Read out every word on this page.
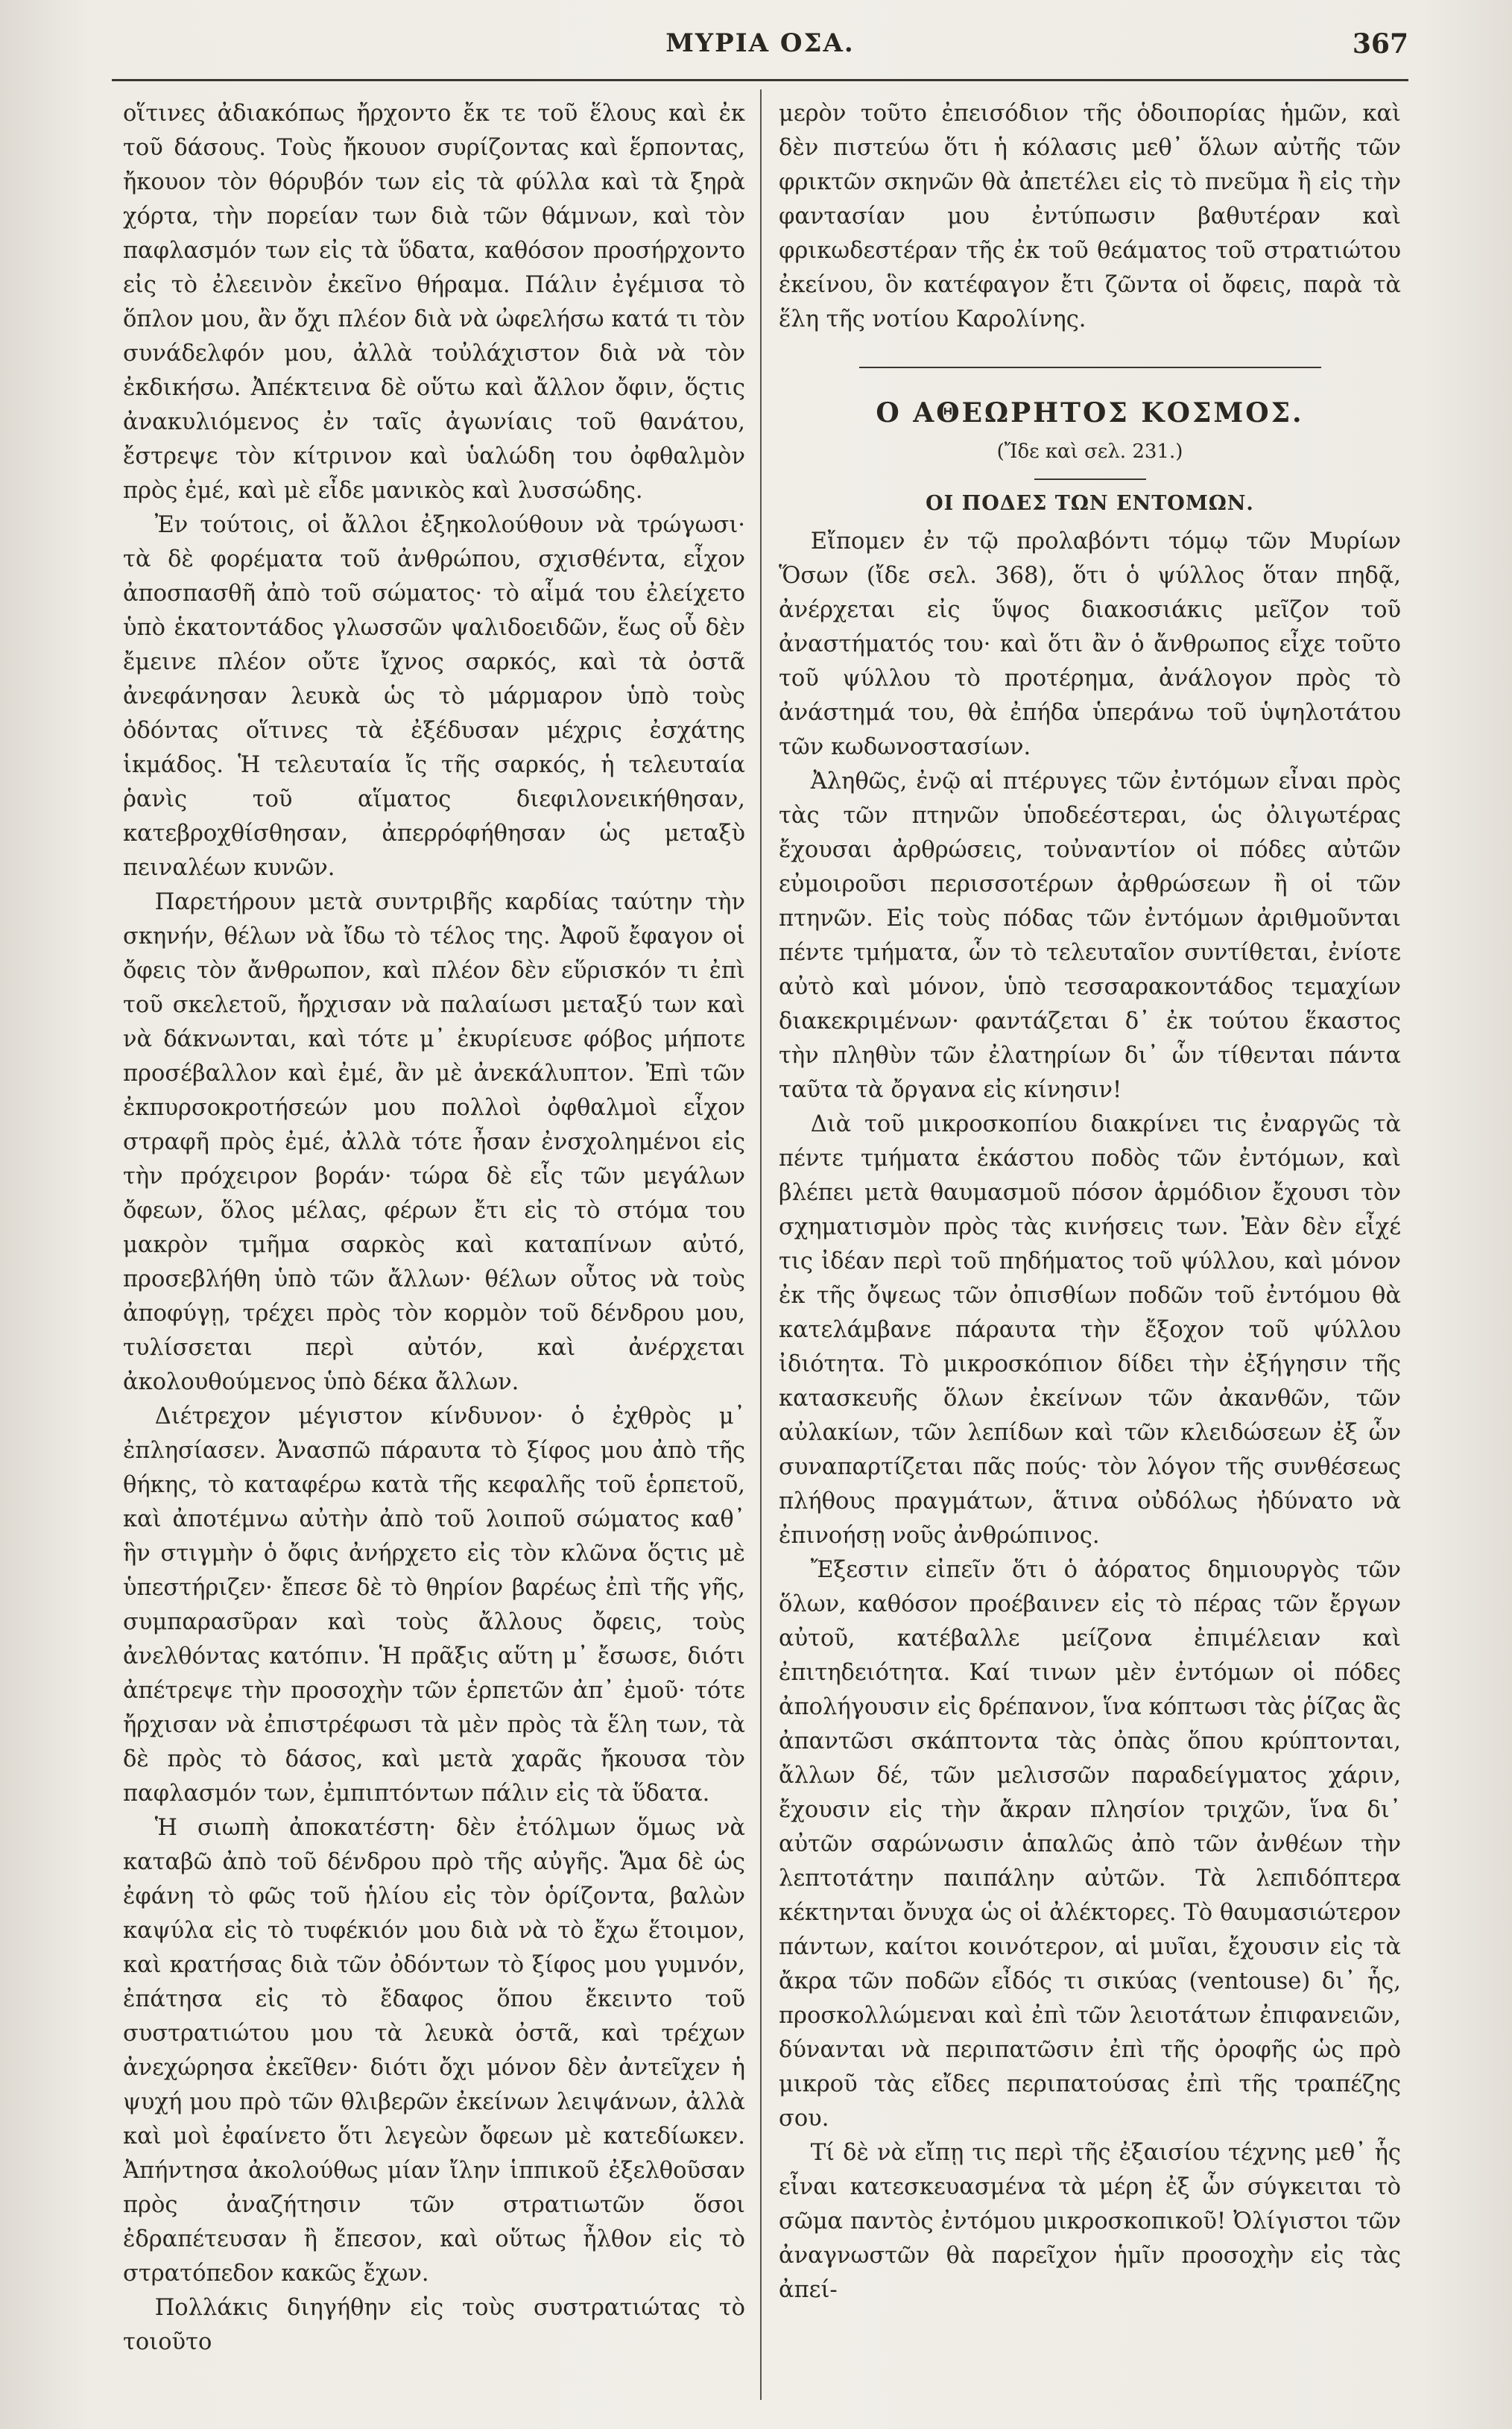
ΜΥΡΙΑ ΟΣΑ.	367

οἵτινες ἀδιακόπως ἤρχοντο ἔκ τε τοῦ ἕλους καὶ ἐκ τοῦ δάσους. Τοὺς ἤκουον συρίζοντας καὶ ἕρποντας, ἤκουον τὸν θόρυβόν των εἰς τὰ φύλλα καὶ τὰ ξηρὰ χόρτα, τὴν πορείαν των διὰ τῶν θάμνων, καὶ τὸν παφλασμόν των εἰς τὰ ὕδατα, καθόσον προσήρχοντο εἰς τὸ ἐλεεινὸν ἐκεῖνο θήραμα. Πάλιν ἐγέμισα τὸ ὅπλον μου, ἂν ὄχι πλέον διὰ νὰ ὠφελήσω κατά τι τὸν συνάδελφόν μου, ἀλλὰ τοὐλάχιστον διὰ νὰ τὸν ἐκδικήσω. Ἀπέκτεινα δὲ οὕτω καὶ ἄλλον ὄφιν, ὅςτις ἀνακυλιόμενος ἐν ταῖς ἀγωνίαις τοῦ θανάτου, ἔστρεψε τὸν κίτρινον καὶ ὑαλώδη του ὀφθαλμὸν πρὸς ἐμέ, καὶ μὲ εἶδε μανικὸς καὶ λυσσώδης.

Ἐν τούτοις, οἱ ἄλλοι ἐξηκολούθουν νὰ τρώγωσι· τὰ δὲ φορέματα τοῦ ἀνθρώπου, σχισθέντα, εἶχον ἀποσπασθῆ ἀπὸ τοῦ σώματος· τὸ αἷμά του ἐλείχετο ὑπὸ ἑκατοντάδος γλωσσῶν ψαλιδοειδῶν, ἕως οὗ δὲν ἔμεινε πλέον οὔτε ἴχνος σαρκός, καὶ τὰ ὀστᾶ ἀνεφάνησαν λευκὰ ὡς τὸ μάρμαρον ὑπὸ τοὺς ὀδόντας οἵτινες τὰ ἐξέδυσαν μέχρις ἐσχάτης ἱκμάδος. Ἡ τελευταία ἴς τῆς σαρκός, ἡ τελευταία ῥανὶς τοῦ αἵματος διεφιλονεικήθησαν, κατεβροχθίσθησαν, ἀπερρόφήθησαν ὡς μεταξὺ πειναλέων κυνῶν.

Παρετήρουν μετὰ συντριβῆς καρδίας ταύτην τὴν σκηνήν, θέλων νὰ ἴδω τὸ τέλος της. Ἀφοῦ ἔφαγον οἱ ὄφεις τὸν ἄνθρωπον, καὶ πλέον δὲν εὕρισκόν τι ἐπὶ τοῦ σκελετοῦ, ἤρχισαν νὰ παλαίωσι μεταξύ των καὶ νὰ δάκνωνται, καὶ τότε μ᾽ ἐκυρίευσε φόβος μήποτε προσέβαλλον καὶ ἐμέ, ἂν μὲ ἀνεκάλυπτον. Ἐπὶ τῶν ἐκπυρσοκροτήσεών μου πολλοὶ ὀφθαλμοὶ εἶχον στραφῆ πρὸς ἐμέ, ἀλλὰ τότε ἦσαν ἐνσχολημένοι εἰς τὴν πρόχειρον βοράν· τώρα δὲ εἷς τῶν μεγάλων ὄφεων, ὅλος μέλας, φέρων ἔτι εἰς τὸ στόμα του μακρὸν τμῆμα σαρκὸς καὶ καταπίνων αὐτό, προσεβλήθη ὑπὸ τῶν ἄλλων· θέλων οὗτος νὰ τοὺς ἀποφύγῃ, τρέχει πρὸς τὸν κορμὸν τοῦ δένδρου μου, τυλίσσεται περὶ αὐτόν, καὶ ἀνέρχεται ἀκολουθούμενος ὑπὸ δέκα ἄλλων.

Διέτρεχον μέγιστον κίνδυνον· ὁ ἐχθρὸς μ᾽ ἐπλησίασεν. Ἀνασπῶ πάραυτα τὸ ξίφος μου ἀπὸ τῆς θήκης, τὸ καταφέρω κατὰ τῆς κεφαλῆς τοῦ ἑρπετοῦ, καὶ ἀποτέμνω αὐτὴν ἀπὸ τοῦ λοιποῦ σώματος καθ᾽ ἣν στιγμὴν ὁ ὄφις ἀνήρχετο εἰς τὸν κλῶνα ὅςτις μὲ ὑπεστήριζεν· ἔπεσε δὲ τὸ θηρίον βαρέως ἐπὶ τῆς γῆς, συμπαρασῦραν καὶ τοὺς ἄλλους ὄφεις, τοὺς ἀνελθόντας κατόπιν. Ἡ πρᾶξις αὕτη μ᾽ ἔσωσε, διότι ἀπέτρεψε τὴν προσοχὴν τῶν ἑρπετῶν ἀπ᾽ ἐμοῦ· τότε ἤρχισαν νὰ ἐπιστρέφωσι τὰ μὲν πρὸς τὰ ἕλη των, τὰ δὲ πρὸς τὸ δάσος, καὶ μετὰ χαρᾶς ἤκουσα τὸν παφλασμόν των, ἐμπιπτόντων πάλιν εἰς τὰ ὕδατα.

Ἡ σιωπὴ ἀποκατέστη· δὲν ἐτόλμων ὅμως νὰ καταβῶ ἀπὸ τοῦ δένδρου πρὸ τῆς αὐγῆς. Ἅμα δὲ ὡς ἐφάνη τὸ φῶς τοῦ ἡλίου εἰς τὸν ὁρίζοντα, βαλὼν καψύλα εἰς τὸ τυφέκιόν μου διὰ νὰ τὸ ἔχω ἕτοιμον, καὶ κρατήσας διὰ τῶν ὀδόντων τὸ ξίφος μου γυμνόν, ἐπάτησα εἰς τὸ ἔδαφος ὅπου ἔκειντο τοῦ συστρατιώτου μου τὰ λευκὰ ὀστᾶ, καὶ τρέχων ἀνεχώρησα ἐκεῖθεν· διότι ὄχι μόνον δὲν ἀντεῖχεν ἡ ψυχή μου πρὸ τῶν θλιβερῶν ἐκείνων λειψάνων, ἀλλὰ καὶ μοὶ ἐφαίνετο ὅτι λεγεὼν ὄφεων μὲ κατεδίωκεν. Ἀπήντησα ἀκολούθως μίαν ἴλην ἱππικοῦ ἐξελθοῦσαν πρὸς ἀναζήτησιν τῶν στρατιωτῶν ὅσοι ἐδραπέτευσαν ἢ ἔπεσον, καὶ οὕτως ἦλθον εἰς τὸ στρατόπεδον κακῶς ἔχων.

Πολλάκις διηγήθην εἰς τοὺς συστρατιώτας τὸ τοιοῦτο

μερὸν τοῦτο ἐπεισόδιον τῆς ὁδοιπορίας ἡμῶν, καὶ δὲν πιστεύω ὅτι ἡ κόλασις μεθ᾽ ὅλων αὐτῆς τῶν φρικτῶν σκηνῶν θὰ ἀπετέλει εἰς τὸ πνεῦμα ἢ εἰς τὴν φαντασίαν μου ἐντύπωσιν βαθυτέραν καὶ φρικωδεστέραν τῆς ἐκ τοῦ θεάματος τοῦ στρατιώτου ἐκείνου, ὃν κατέφαγον ἔτι ζῶντα οἱ ὄφεις, παρὰ τὰ ἕλη τῆς νοτίου Καρολίνης.

Ο ΑΘΕΩΡΗΤΟΣ ΚΟΣΜΟΣ.
(Ἴδε καὶ σελ. 231.)
ΟΙ ΠΟΔΕΣ ΤΩΝ ΕΝΤΟΜΩΝ.

Εἴπομεν ἐν τῷ προλαβόντι τόμῳ τῶν Μυρίων Ὅσων (ἴδε σελ. 368), ὅτι ὁ ψύλλος ὅταν πηδᾷ, ἀνέρχεται εἰς ὕψος διακοσιάκις μεῖζον τοῦ ἀναστήματός του· καὶ ὅτι ἂν ὁ ἄνθρωπος εἶχε τοῦτο τοῦ ψύλλου τὸ προτέρημα, ἀνάλογον πρὸς τὸ ἀνάστημά του, θὰ ἐπήδα ὑπεράνω τοῦ ὑψηλοτάτου τῶν κωδωνοστασίων.

Ἀληθῶς, ἐνῷ αἱ πτέρυγες τῶν ἐντόμων εἶναι πρὸς τὰς τῶν πτηνῶν ὑποδεέστεραι, ὡς ὀλιγωτέρας ἔχουσαι ἀρθρώσεις, τοὐναντίον οἱ πόδες αὐτῶν εὐμοιροῦσι περισσοτέρων ἀρθρώσεων ἢ οἱ τῶν πτηνῶν. Εἰς τοὺς πόδας τῶν ἐντόμων ἀριθμοῦνται πέντε τμήματα, ὧν τὸ τελευταῖον συντίθεται, ἐνίοτε αὐτὸ καὶ μόνον, ὑπὸ τεσσαρακοντάδος τεμαχίων διακεκριμένων· φαντάζεται δ᾽ ἐκ τούτου ἕκαστος τὴν πληθὺν τῶν ἐλατηρίων δι᾽ ὧν τίθενται πάντα ταῦτα τὰ ὄργανα εἰς κίνησιν!

Διὰ τοῦ μικροσκοπίου διακρίνει τις ἐναργῶς τὰ πέντε τμήματα ἑκάστου ποδὸς τῶν ἐντόμων, καὶ βλέπει μετὰ θαυμασμοῦ πόσον ἁρμόδιον ἔχουσι τὸν σχηματισμὸν πρὸς τὰς κινήσεις των. Ἐὰν δὲν εἶχέ τις ἰδέαν περὶ τοῦ πηδήματος τοῦ ψύλλου, καὶ μόνον ἐκ τῆς ὄψεως τῶν ὀπισθίων ποδῶν τοῦ ἐντόμου θὰ κατελάμβανε πάραυτα τὴν ἔξοχον τοῦ ψύλλου ἰδιότητα. Τὸ μικροσκόπιον δίδει τὴν ἐξήγησιν τῆς κατασκευῆς ὅλων ἐκείνων τῶν ἀκανθῶν, τῶν αὐλακίων, τῶν λεπίδων καὶ τῶν κλειδώσεων ἐξ ὧν συναπαρτίζεται πᾶς πούς· τὸν λόγον τῆς συνθέσεως πλήθους πραγμάτων, ἅτινα οὐδόλως ἠδύνατο νὰ ἐπινοήσῃ νοῦς ἀνθρώπινος.

Ἔξεστιν εἰπεῖν ὅτι ὁ ἀόρατος δημιουργὸς τῶν ὅλων, καθόσον προέβαινεν εἰς τὸ πέρας τῶν ἔργων αὐτοῦ, κατέβαλλε μείζονα ἐπιμέλειαν καὶ ἐπιτηδειότητα. Καί τινων μὲν ἐντόμων οἱ πόδες ἀπολήγουσιν εἰς δρέπανον, ἵνα κόπτωσι τὰς ῥίζας ἃς ἀπαντῶσι σκάπτοντα τὰς ὀπὰς ὅπου κρύπτονται, ἄλλων δέ, τῶν μελισσῶν παραδείγματος χάριν, ἔχουσιν εἰς τὴν ἄκραν πλησίον τριχῶν, ἵνα δι᾽ αὐτῶν σαρώνωσιν ἁπαλῶς ἀπὸ τῶν ἀνθέων τὴν λεπτοτάτην παιπάλην αὐτῶν. Τὰ λεπιδόπτερα κέκτηνται ὄνυχα ὡς οἱ ἀλέκτορες. Τὸ θαυμασιώτερον πάντων, καίτοι κοινότερον, αἱ μυῖαι, ἔχουσιν εἰς τὰ ἄκρα τῶν ποδῶν εἶδός τι σικύας (ventouse) δι᾽ ἧς, προσκολλώμεναι καὶ ἐπὶ τῶν λειοτάτων ἐπιφανειῶν, δύνανται νὰ περιπατῶσιν ἐπὶ τῆς ὀροφῆς ὡς πρὸ μικροῦ τὰς εἴδες περιπατούσας ἐπὶ τῆς τραπέζης σου.

Τί δὲ νὰ εἴπῃ τις περὶ τῆς ἐξαισίου τέχνης μεθ᾽ ἧς εἶναι κατεσκευασμένα τὰ μέρη ἐξ ὧν σύγκειται τὸ σῶμα παντὸς ἐντόμου μικροσκοπικοῦ! Ὀλίγιστοι τῶν ἀναγνωστῶν θὰ παρεῖχον ἡμῖν προσοχὴν εἰς τὰς ἀπεί-
